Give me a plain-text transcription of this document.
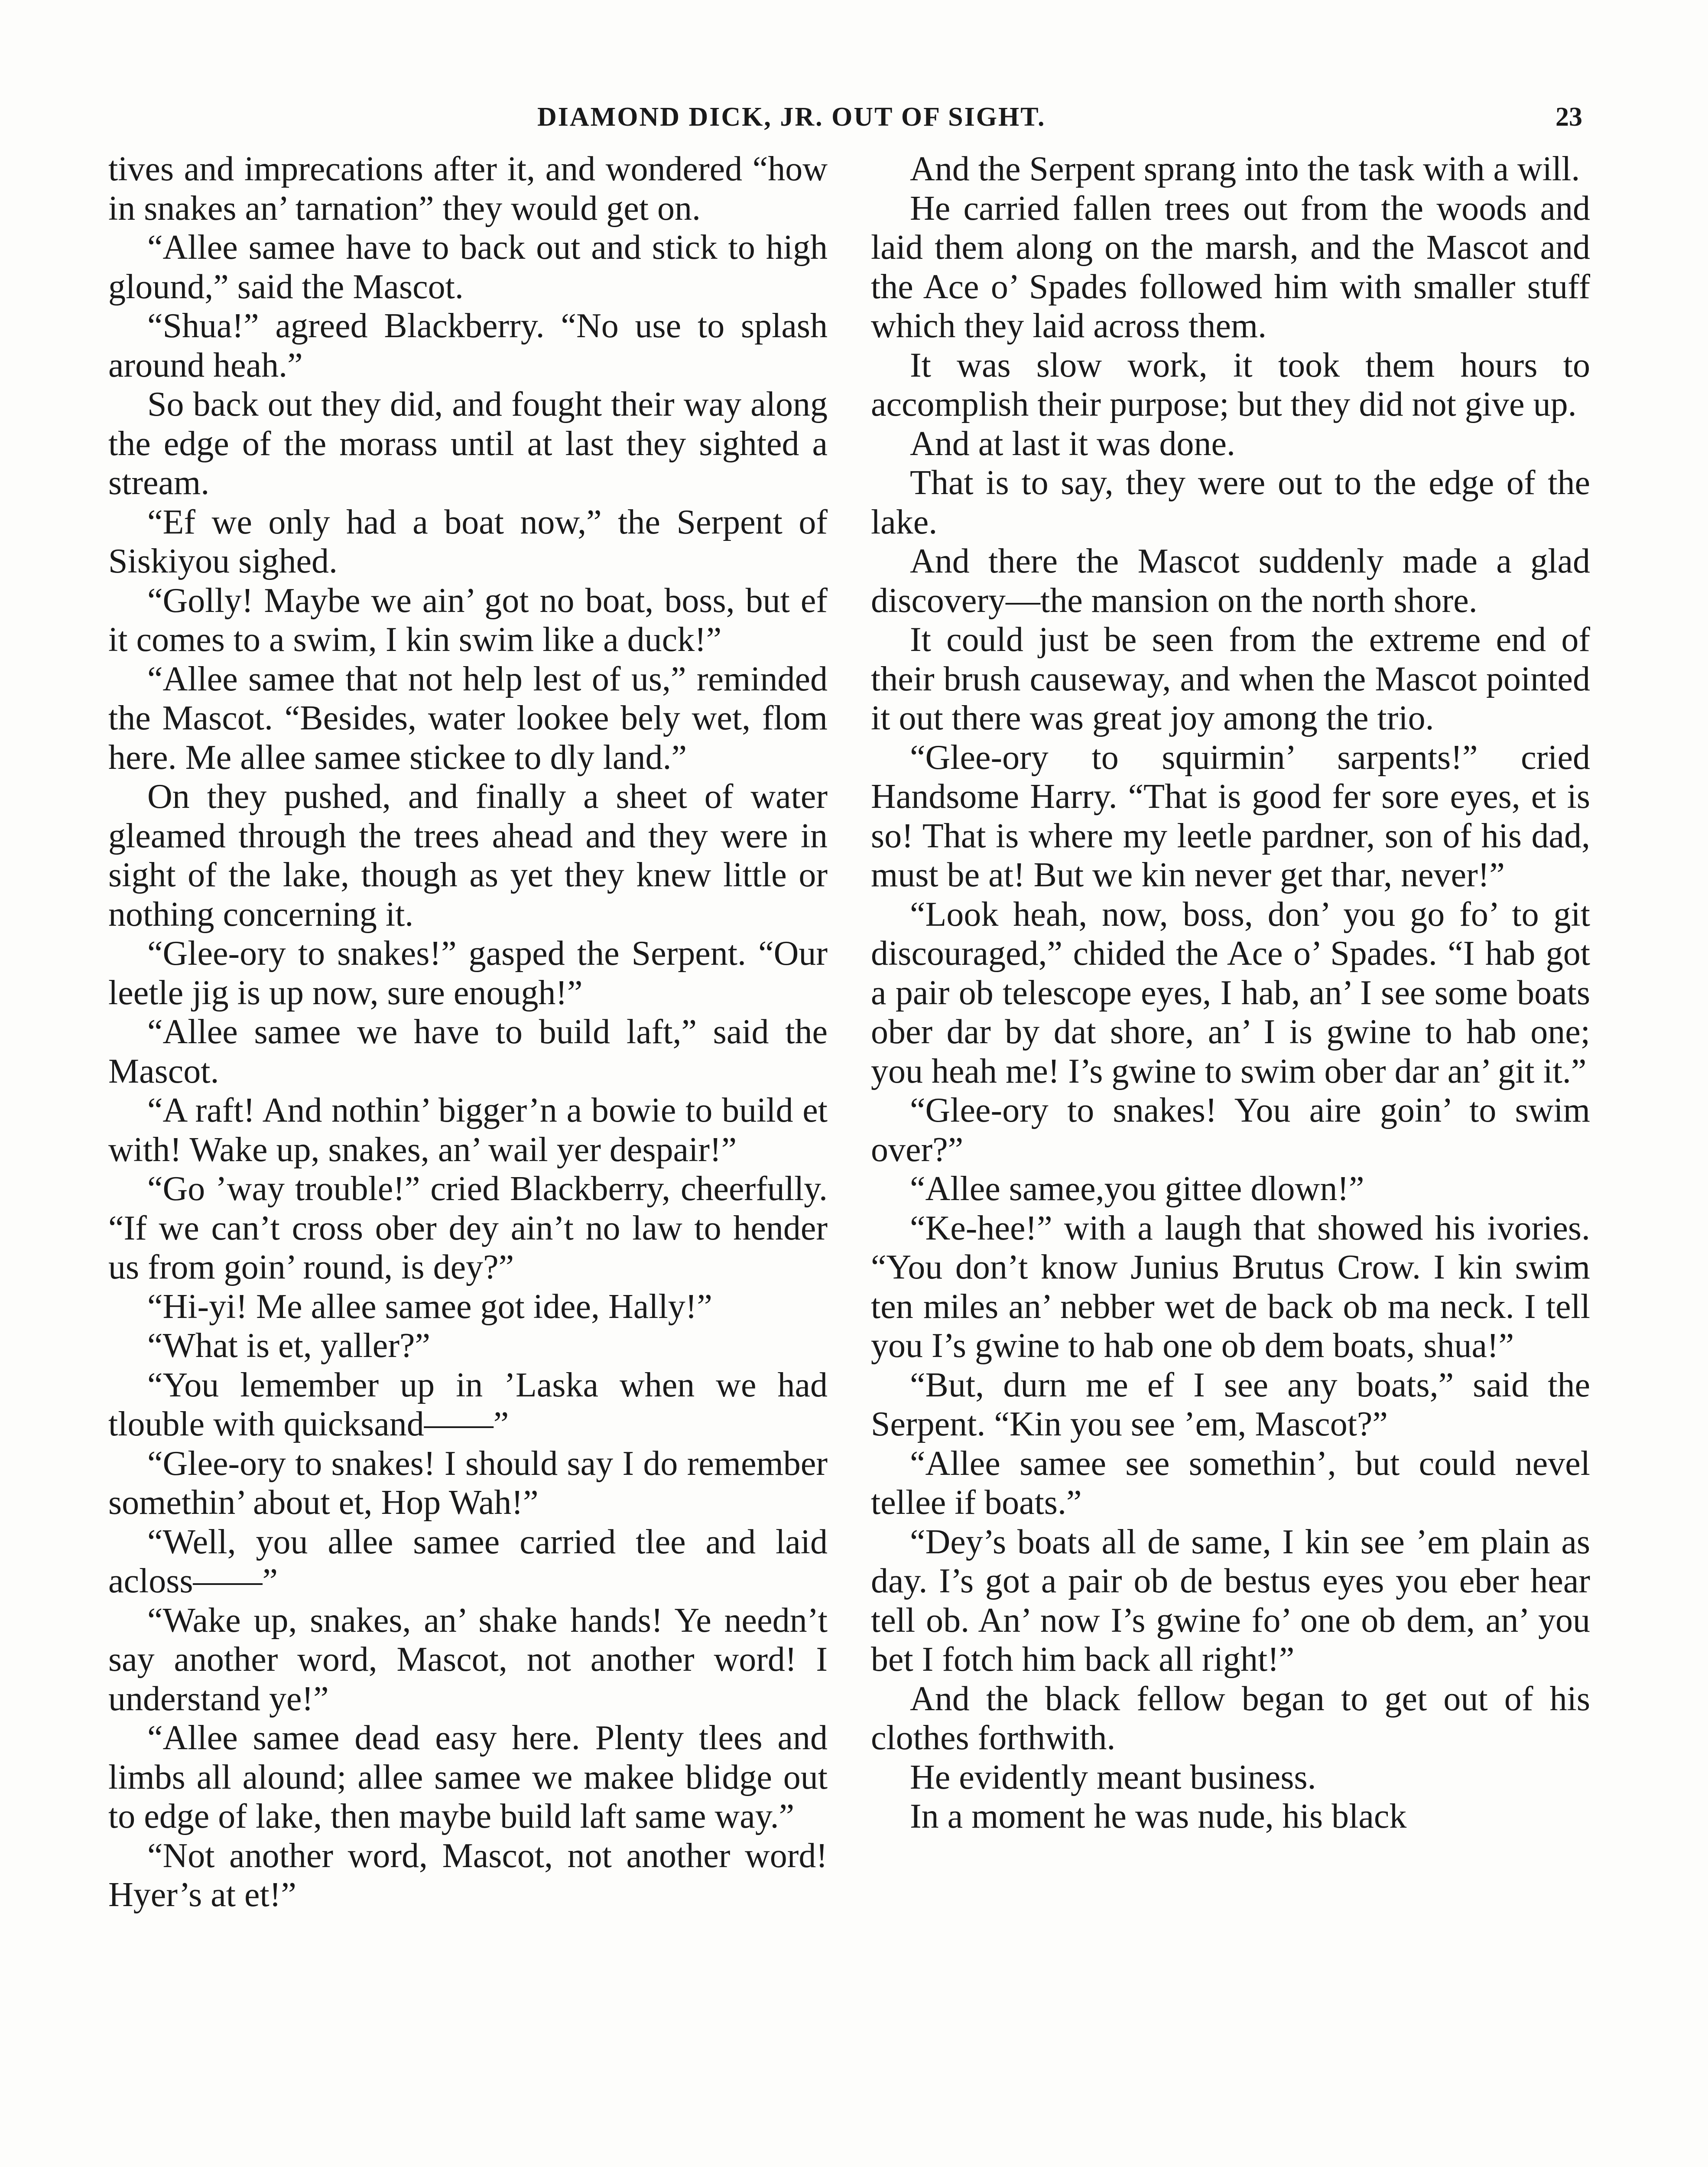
DIAMOND DICK, JR. OUT OF SIGHT.	23

tives and imprecations after it, and wondered “how in snakes an’ tarnation” they would get on.

“Allee samee have to back out and stick to high glound,” said the Mascot.

“Shua!” agreed Blackberry. “No use to splash around heah.”

So back out they did, and fought their way along the edge of the morass until at last they sighted a stream.

“Ef we only had a boat now,” the Serpent of Siskiyou sighed.

“Golly! Maybe we ain’ got no boat, boss, but ef it comes to a swim, I kin swim like a duck!”

“Allee samee that not help lest of us,” reminded the Mascot. “Besides, water lookee bely wet, flom here. Me allee samee stickee to dly land.”

On they pushed, and finally a sheet of water gleamed through the trees ahead and they were in sight of the lake, though as yet they knew little or nothing concerning it.

“Glee-ory to snakes!” gasped the Serpent. “Our leetle jig is up now, sure enough!”

“Allee samee we have to build laft,” said the Mascot.

“A raft! And nothin’ bigger’n a bowie to build et with! Wake up, snakes, an’ wail yer despair!”

“Go ’way trouble!” cried Blackberry, cheerfully. “If we can’t cross ober dey ain’t no law to hender us from goin’ round, is dey?”

“Hi-yi! Me allee samee got idee, Hally!”

“What is et, yaller?”

“You lemember up in ’Laska when we had tlouble with quicksand——”

“Glee-ory to snakes! I should say I do remember somethin’ about et, Hop Wah!”

“Well, you allee samee carried tlee and laid acloss——”

“Wake up, snakes, an’ shake hands! Ye needn’t say another word, Mascot, not another word! I understand ye!”

“Allee samee dead easy here. Plenty tlees and limbs all alound; allee samee we makee blidge out to edge of lake, then maybe build laft same way.”

“Not another word, Mascot, not another word! Hyer’s at et!”

And the Serpent sprang into the task with a will.

He carried fallen trees out from the woods and laid them along on the marsh, and the Mascot and the Ace o’ Spades followed him with smaller stuff which they laid across them.

It was slow work, it took them hours to accomplish their purpose; but they did not give up.

And at last it was done.

That is to say, they were out to the edge of the lake.

And there the Mascot suddenly made a glad discovery—the mansion on the north shore.

It could just be seen from the extreme end of their brush causeway, and when the Mascot pointed it out there was great joy among the trio.

“Glee-ory to squirmin’ sarpents!” cried Handsome Harry. “That is good fer sore eyes, et is so! That is where my leetle pardner, son of his dad, must be at! But we kin never get thar, never!”

“Look heah, now, boss, don’ you go fo’ to git discouraged,” chided the Ace o’ Spades. “I hab got a pair ob telescope eyes, I hab, an’ I see some boats ober dar by dat shore, an’ I is gwine to hab one; you heah me! I’s gwine to swim ober dar an’ git it.”

“Glee-ory to snakes! You aire goin’ to swim over?”

“Allee samee,you gittee dlown!”

“Ke-hee!” with a laugh that showed his ivories. “You don’t know Junius Brutus Crow. I kin swim ten miles an’ nebber wet de back ob ma neck. I tell you I’s gwine to hab one ob dem boats, shua!”

“But, durn me ef I see any boats,” said the Serpent. “Kin you see ’em, Mascot?”

“Allee samee see somethin’, but could nevel tellee if boats.”

“Dey’s boats all de same, I kin see ’em plain as day. I’s got a pair ob de bestus eyes you eber hear tell ob. An’ now I’s gwine fo’ one ob dem, an’ you bet I fotch him back all right!”

And the black fellow began to get out of his clothes forthwith.

He evidently meant business.

In a moment he was nude, his black
